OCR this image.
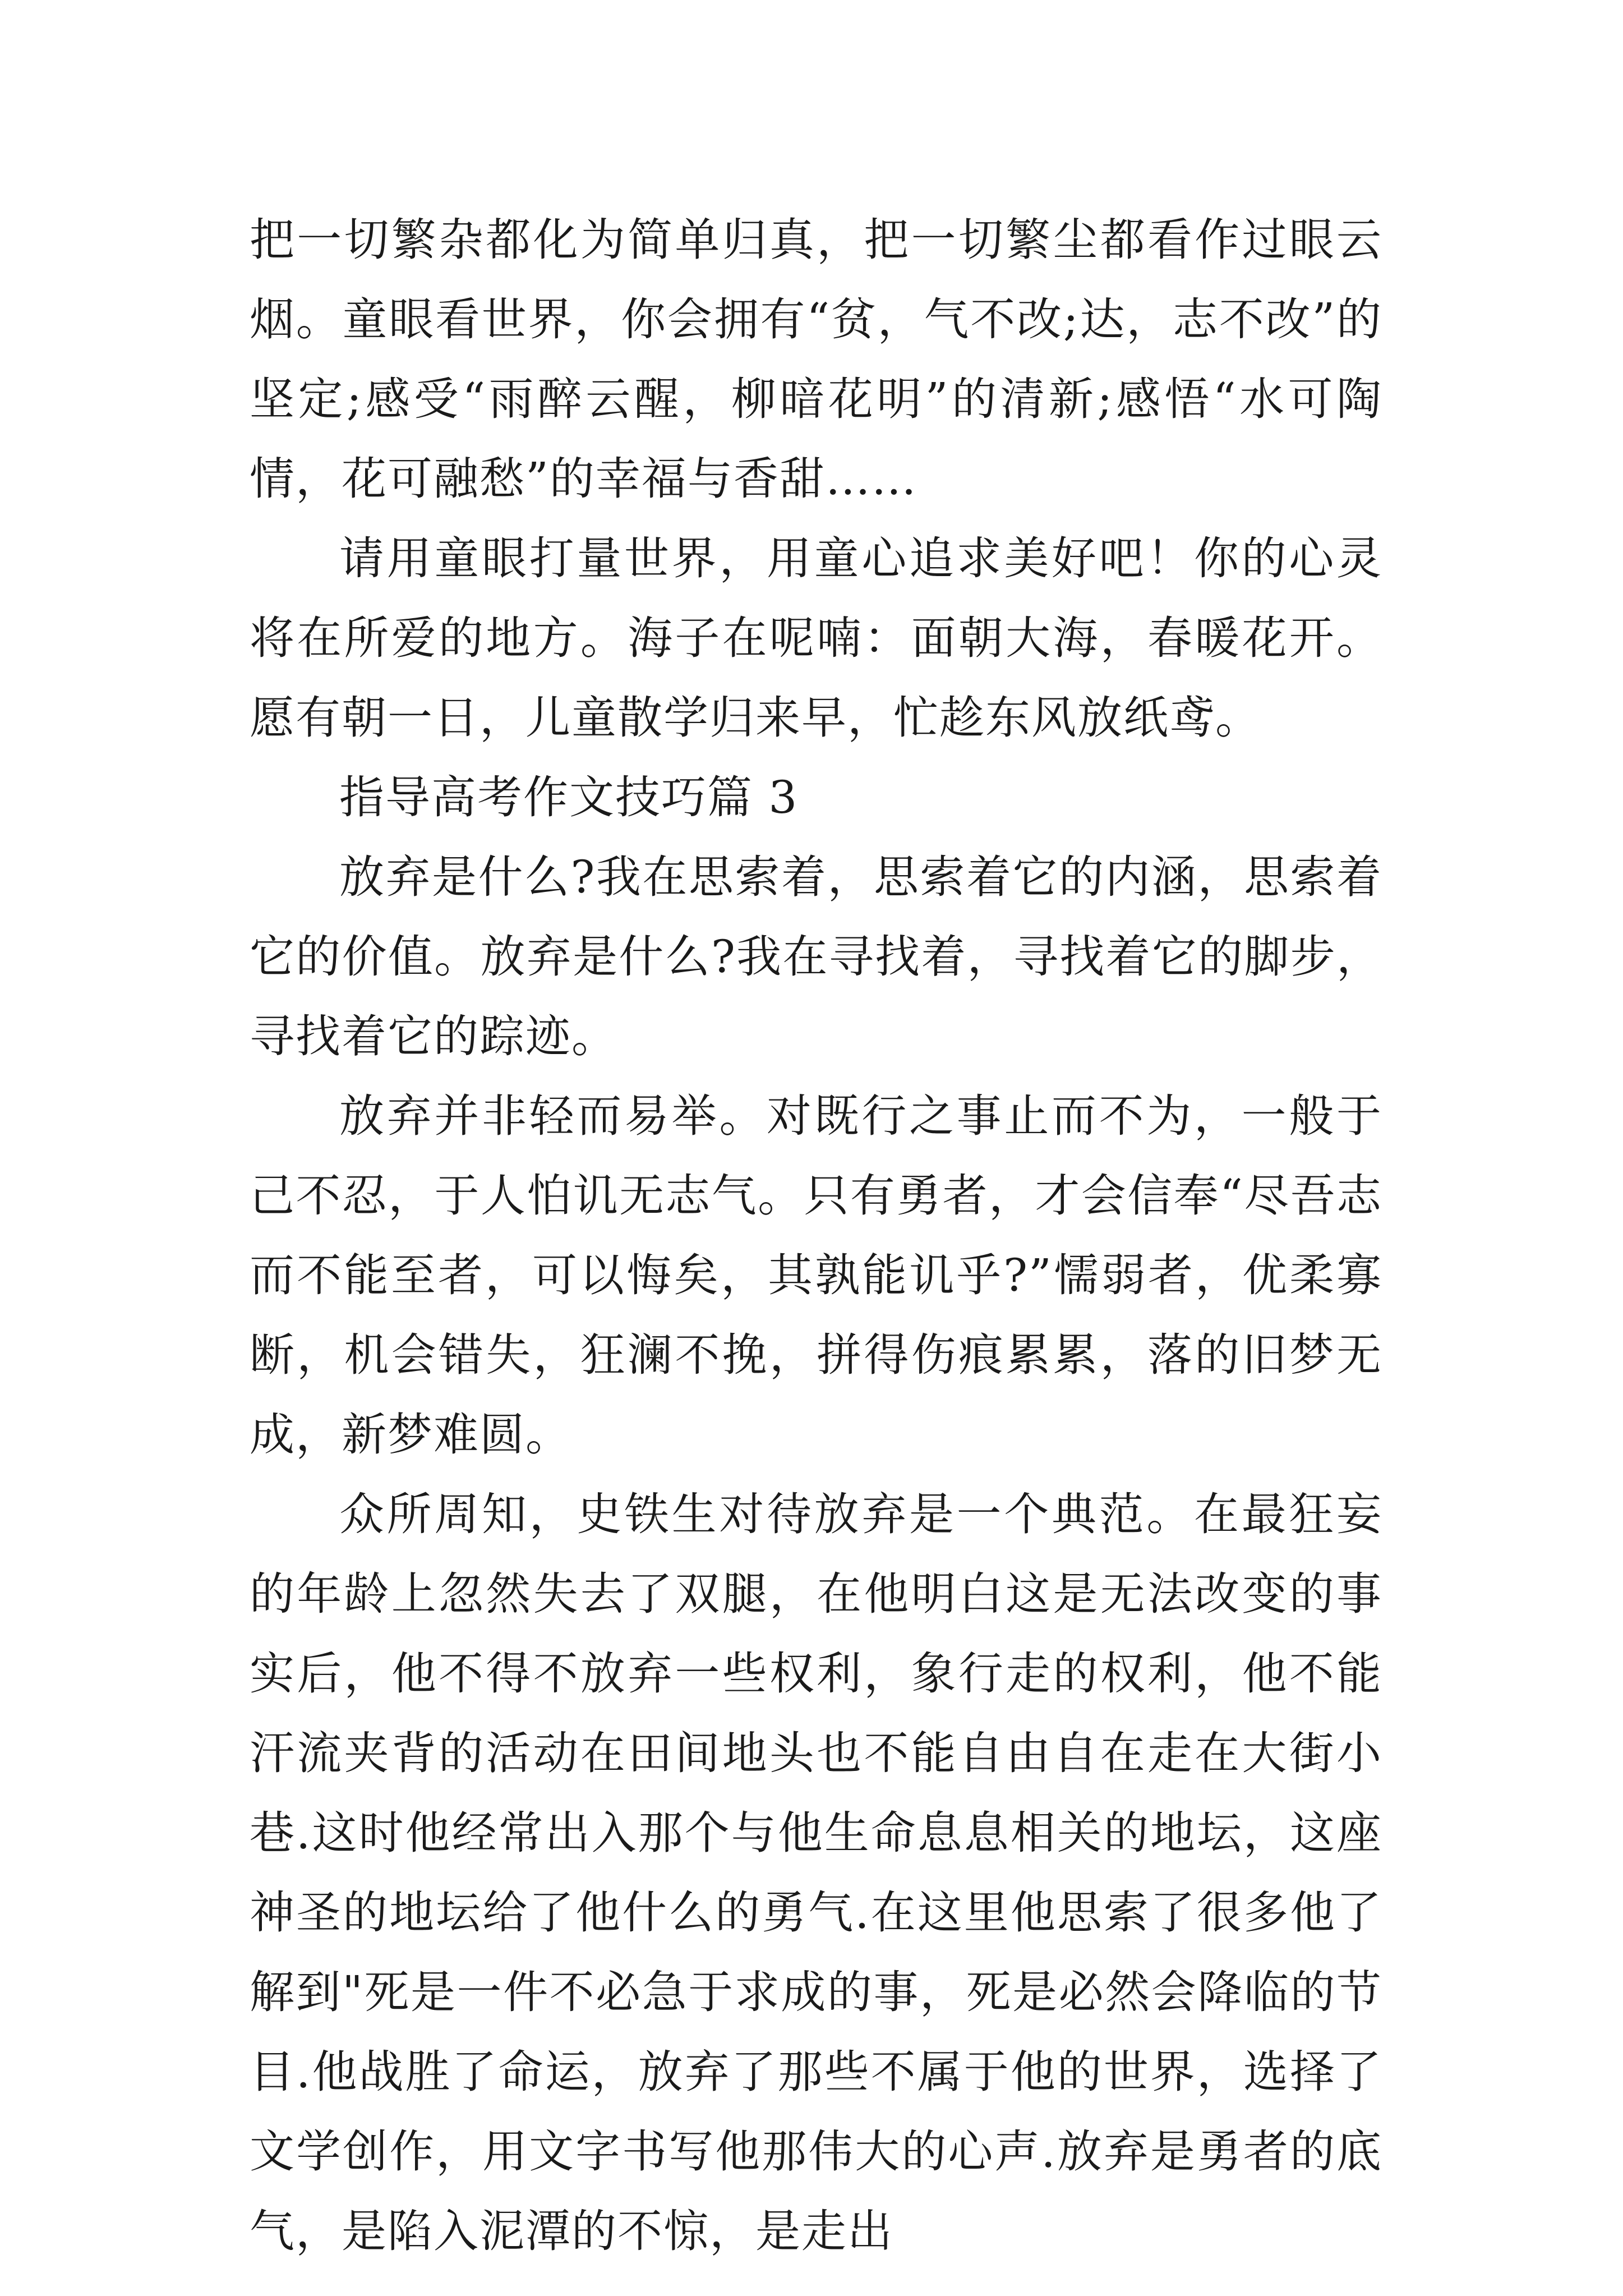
把一切繁杂都化为简单归真，把一切繁尘都看作过眼云烟。童眼看世界，你会拥有“贫，气不改;达，志不改”的坚定;感受“雨醉云醒，柳暗花明”的清新;感悟“水可陶情，花可融愁”的幸福与香甜……

请用童眼打量世界，用童心追求美好吧！你的心灵将在所爱的地方。海子在呢喃：面朝大海，春暖花开。愿有朝一日，儿童散学归来早，忙趁东风放纸鸢。

指导高考作文技巧篇 3

放弃是什么?我在思索着，思索着它的内涵，思索着它的价值。放弃是什么?我在寻找着，寻找着它的脚步，寻找着它的踪迹。

放弃并非轻而易举。对既行之事止而不为，一般于己不忍，于人怕讥无志气。只有勇者，才会信奉“尽吾志而不能至者，可以悔矣，其孰能讥乎?”懦弱者，优柔寡断，机会错失，狂澜不挽，拼得伤痕累累，落的旧梦无成，新梦难圆。

众所周知，史铁生对待放弃是一个典范。在最狂妄的年龄上忽然失去了双腿，在他明白这是无法改变的事实后，他不得不放弃一些权利，象行走的权利，他不能汗流夹背的活动在田间地头也不能自由自在走在大街小巷.这时他经常出入那个与他生命息息相关的地坛，这座神圣的地坛给了他什么的勇气.在这里他思索了很多他了解到"死是一件不必急于求成的事，死是必然会降临的节目.他战胜了命运，放弃了那些不属于他的世界，选择了文学创作，用文字书写他那伟大的心声.放弃是勇者的底气，是陷入泥潭的不惊，是走出
